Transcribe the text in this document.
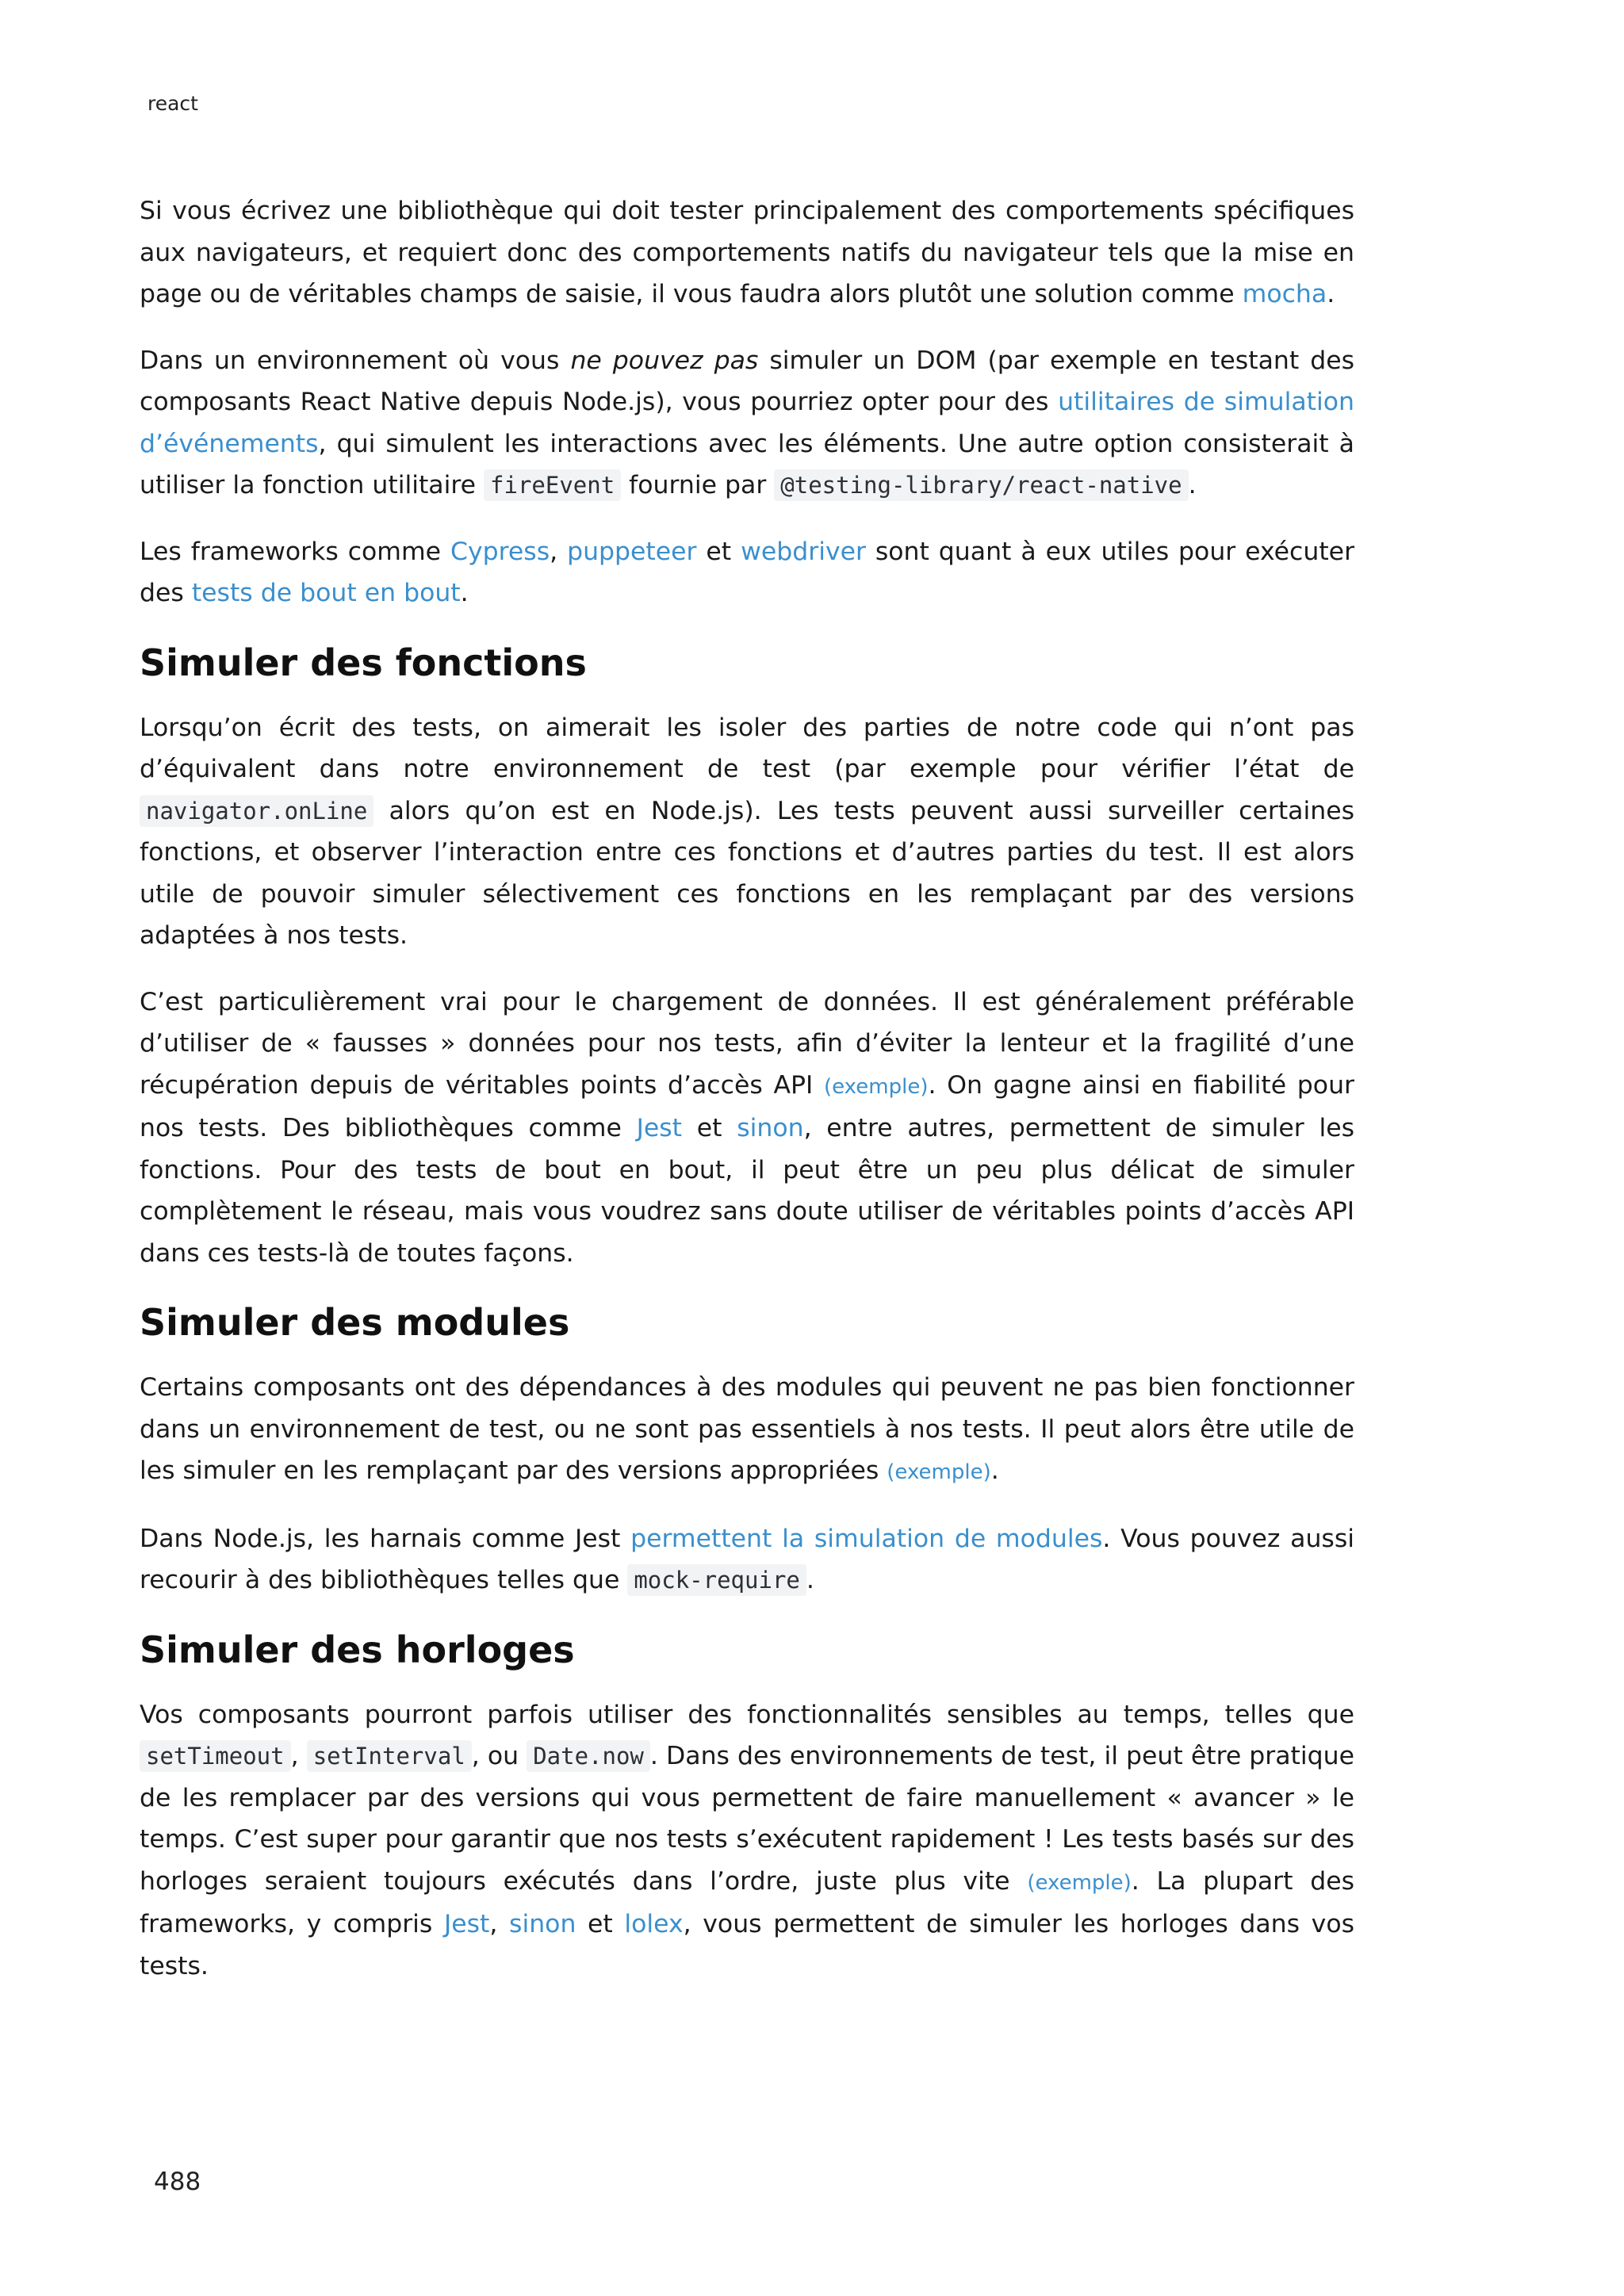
react

Si vous écrivez une bibliothèque qui doit tester principalement des comportements spécifiques aux navigateurs, et requiert donc des comportements natifs du navigateur tels que la mise en page ou de véritables champs de saisie, il vous faudra alors plutôt une solution comme mocha.

Dans un environnement où vous ne pouvez pas simuler un DOM (par exemple en testant des composants React Native depuis Node.js), vous pourriez opter pour des utilitaires de simulation d’événements, qui simulent les interactions avec les éléments. Une autre option consisterait à utiliser la fonction utilitaire fireEvent fournie par @testing-library/react-native .

Les frameworks comme Cypress, puppeteer et webdriver sont quant à eux utiles pour exécuter des tests de bout en bout.

Simuler des fonctions

Lorsqu’on écrit des tests, on aimerait les isoler des parties de notre code qui n’ont pas d’équivalent dans notre environnement de test (par exemple pour vérifier l’état de navigator.onLine alors qu’on est en Node.js). Les tests peuvent aussi surveiller certaines fonctions, et observer l’interaction entre ces fonctions et d’autres parties du test. Il est alors utile de pouvoir simuler sélectivement ces fonctions en les remplaçant par des versions adaptées à nos tests.

C’est particulièrement vrai pour le chargement de données. Il est généralement préférable d’utiliser de « fausses » données pour nos tests, afin d’éviter la lenteur et la fragilité d’une récupération depuis de véritables points d’accès API (exemple). On gagne ainsi en fiabilité pour nos tests. Des bibliothèques comme Jest et sinon, entre autres, permettent de simuler les fonctions. Pour des tests de bout en bout, il peut être un peu plus délicat de simuler complètement le réseau, mais vous voudrez sans doute utiliser de véritables points d’accès API dans ces tests-là de toutes façons.

Simuler des modules

Certains composants ont des dépendances à des modules qui peuvent ne pas bien fonctionner dans un environnement de test, ou ne sont pas essentiels à nos tests. Il peut alors être utile de les simuler en les remplaçant par des versions appropriées (exemple).

Dans Node.js, les harnais comme Jest permettent la simulation de modules. Vous pouvez aussi recourir à des bibliothèques telles que mock-require .

Simuler des horloges

Vos composants pourront parfois utiliser des fonctionnalités sensibles au temps, telles que setTimeout , setInterval , ou Date.now . Dans des environnements de test, il peut être pratique de les remplacer par des versions qui vous permettent de faire manuellement « avancer » le temps. C’est super pour garantir que nos tests s’exécutent rapidement ! Les tests basés sur des horloges seraient toujours exécutés dans l’ordre, juste plus vite (exemple). La plupart des frameworks, y compris Jest, sinon et lolex, vous permettent de simuler les horloges dans vos tests.

488
